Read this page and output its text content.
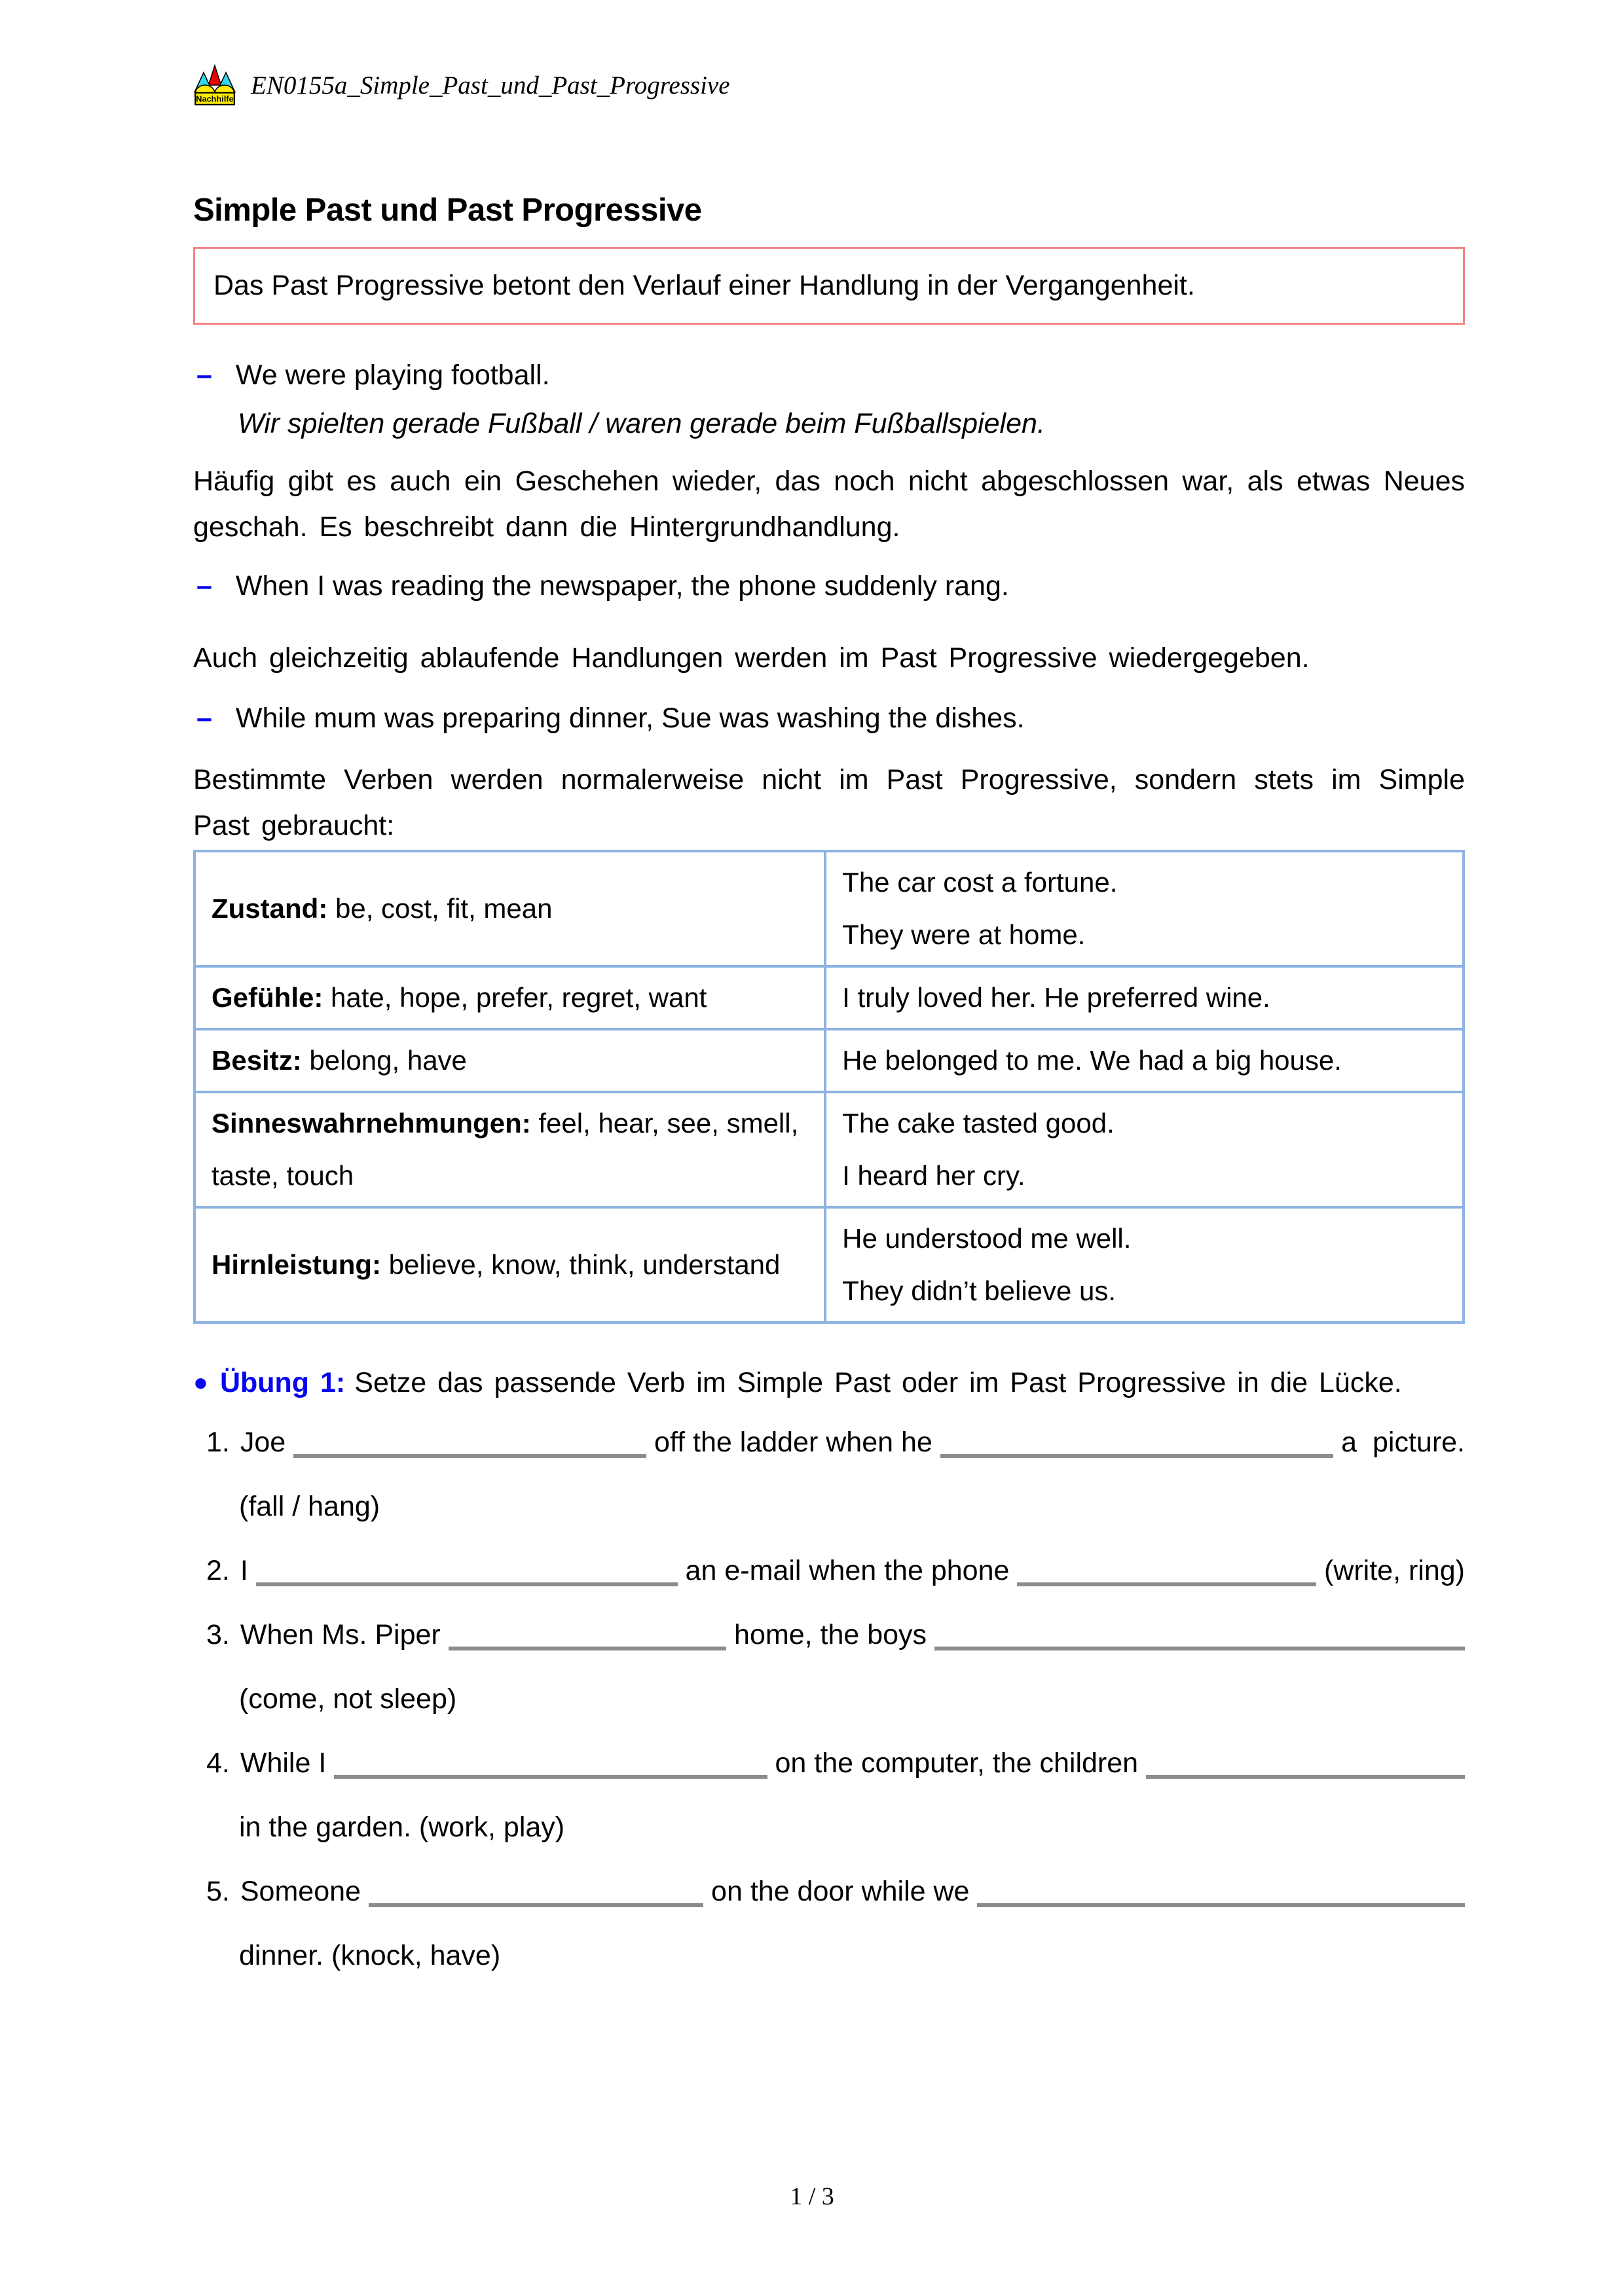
Nachhilfe EN0155a_Simple_Past_und_Past_Progressive
Simple Past und Past Progressive
Das Past Progressive betont den Verlauf einer Handlung in der Vergangenheit.
– We were playing football.
Wir spielten gerade Fußball / waren gerade beim Fußballspielen.

Häufig gibt es auch ein Geschehen wieder, das noch nicht abgeschlossen war, als etwas Neues geschah. Es beschreibt dann die Hintergrundhandlung.

– When I was reading the newspaper, the phone suddenly rang.

Auch gleichzeitig ablaufende Handlungen werden im Past Progressive wiedergegeben.

– While mum was preparing dinner, Sue was washing the dishes.

Bestimmte Verben werden normalerweise nicht im Past Progressive, sondern stets im Simple Past gebraucht:

Zustand: be, cost, fit, mean	The car cost a fortune.
They were at home.

Gefühle: hate, hope, prefer, regret, want	I truly loved her. He preferred wine.

Besitz: belong, have	He belonged to me. We had a big house.

Sinneswahrnehmungen: feel, hear, see, smell, taste, touch	The cake tasted good.
I heard her cry.

Hirnleistung: believe, know, think, understand	He understood me well.
They didn’t believe us.

● Übung 1: Setze das passende Verb im Simple Past oder im Past Progressive in die Lücke.

1. Joe	off the ladder when he	a  picture.
(fall / hang)
2. I	an e-mail when the phone	(write, ring)
3. When Ms. Piper	home, the boys
(come, not sleep)
4. While I	on the computer, the children
in the garden. (work, play)
5. Someone	on the door while we
dinner. (knock, have)
1 / 3
